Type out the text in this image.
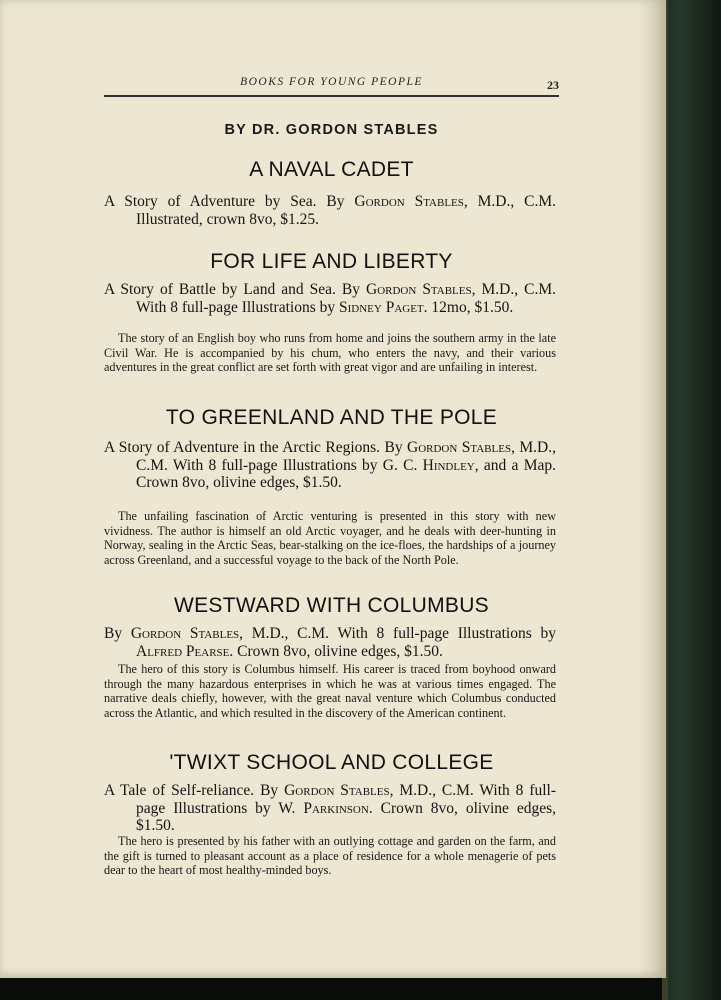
BOOKS FOR YOUNG PEOPLE	23
BY DR. GORDON STABLES
A NAVAL CADET
A Story of Adventure by Sea. By Gordon Stables, M.D., C.M. Illustrated, crown 8vo, $1.25.
FOR LIFE AND LIBERTY
A Story of Battle by Land and Sea. By Gordon Stables, M.D., C.M. With 8 full-page Illustrations by Sidney Paget. 12mo, $1.50.
The story of an English boy who runs from home and joins the southern army in the late Civil War. He is accompanied by his chum, who enters the navy, and their various adventures in the great conflict are set forth with great vigor and are unfailing in interest.
TO GREENLAND AND THE POLE
A Story of Adventure in the Arctic Regions. By Gordon Stables, M.D., C.M. With 8 full-page Illustrations by G. C. Hindley, and a Map. Crown 8vo, olivine edges, $1.50.
The unfailing fascination of Arctic venturing is presented in this story with new vividness. The author is himself an old Arctic voyager, and he deals with deer-hunting in Norway, sealing in the Arctic Seas, bear-stalking on the ice-floes, the hardships of a journey across Greenland, and a successful voyage to the back of the North Pole.
WESTWARD WITH COLUMBUS
By Gordon Stables, M.D., C.M. With 8 full-page Illustrations by Alfred Pearse. Crown 8vo, olivine edges, $1.50.
The hero of this story is Columbus himself. His career is traced from boyhood onward through the many hazardous enterprises in which he was at various times engaged. The narrative deals chiefly, however, with the great naval venture which Columbus conducted across the Atlantic, and which resulted in the discovery of the American continent.
'TWIXT SCHOOL AND COLLEGE
A Tale of Self-reliance. By Gordon Stables, M.D., C.M. With 8 full-page Illustrations by W. Parkinson. Crown 8vo, olivine edges, $1.50.
The hero is presented by his father with an outlying cottage and garden on the farm, and the gift is turned to pleasant account as a place of residence for a whole menagerie of pets dear to the heart of most healthy-minded boys.
